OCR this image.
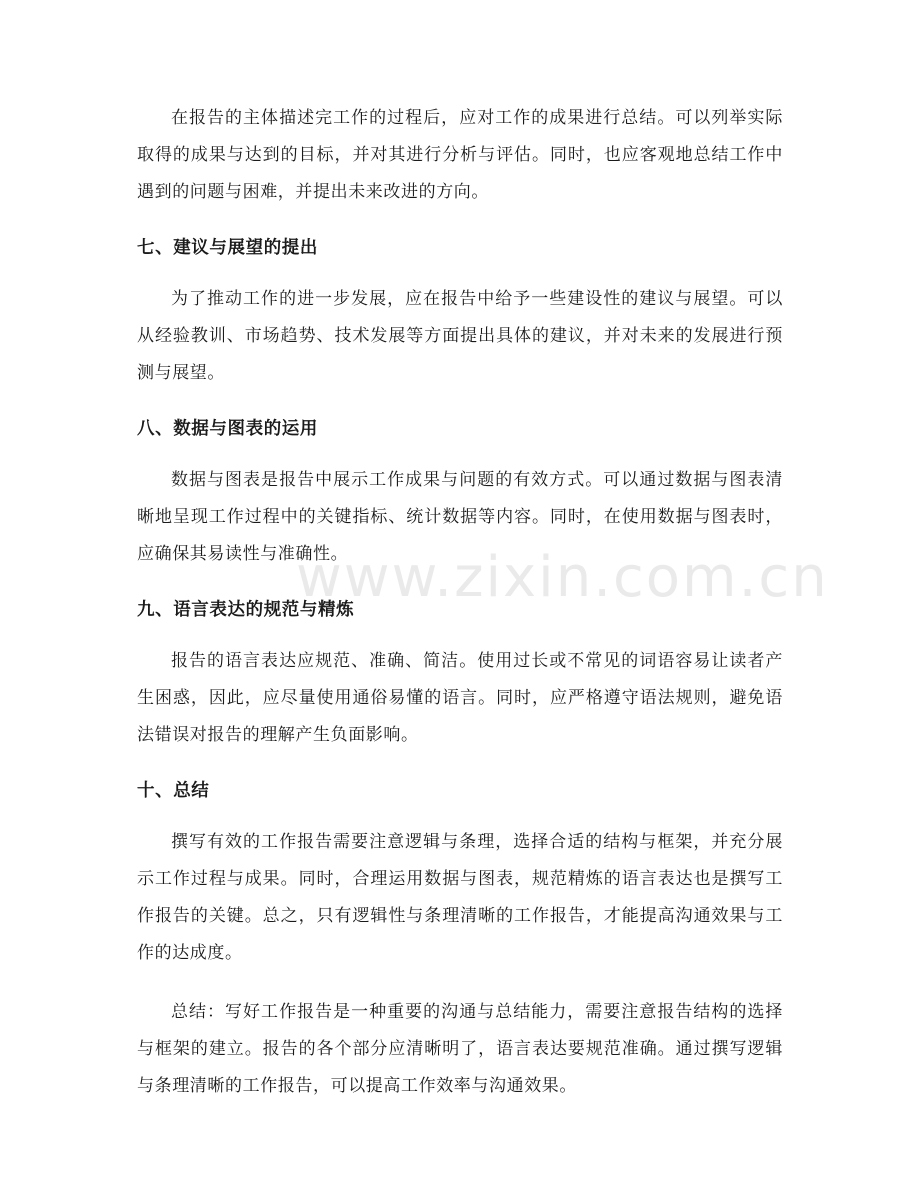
在报告的主体描述完工作的过程后，应对工作的成果进行总结。可以列举实际取得的成果与达到的目标，并对其进行分析与评估。同时，也应客观地总结工作中遇到的问题与困难，并提出未来改进的方向。

七、建议与展望的提出

为了推动工作的进一步发展，应在报告中给予一些建设性的建议与展望。可以从经验教训、市场趋势、技术发展等方面提出具体的建议，并对未来的发展进行预测与展望。

八、数据与图表的运用

数据与图表是报告中展示工作成果与问题的有效方式。可以通过数据与图表清晰地呈现工作过程中的关键指标、统计数据等内容。同时，在使用数据与图表时，应确保其易读性与准确性。

九、语言表达的规范与精炼

报告的语言表达应规范、准确、简洁。使用过长或不常见的词语容易让读者产生困惑，因此，应尽量使用通俗易懂的语言。同时，应严格遵守语法规则，避免语法错误对报告的理解产生负面影响。

十、总结

撰写有效的工作报告需要注意逻辑与条理，选择合适的结构与框架，并充分展示工作过程与成果。同时，合理运用数据与图表，规范精炼的语言表达也是撰写工作报告的关键。总之，只有逻辑性与条理清晰的工作报告，才能提高沟通效果与工作的达成度。

总结：写好工作报告是一种重要的沟通与总结能力，需要注意报告结构的选择与框架的建立。报告的各个部分应清晰明了，语言表达要规范准确。通过撰写逻辑与条理清晰的工作报告，可以提高工作效率与沟通效果。

www.zixin.com.cn
